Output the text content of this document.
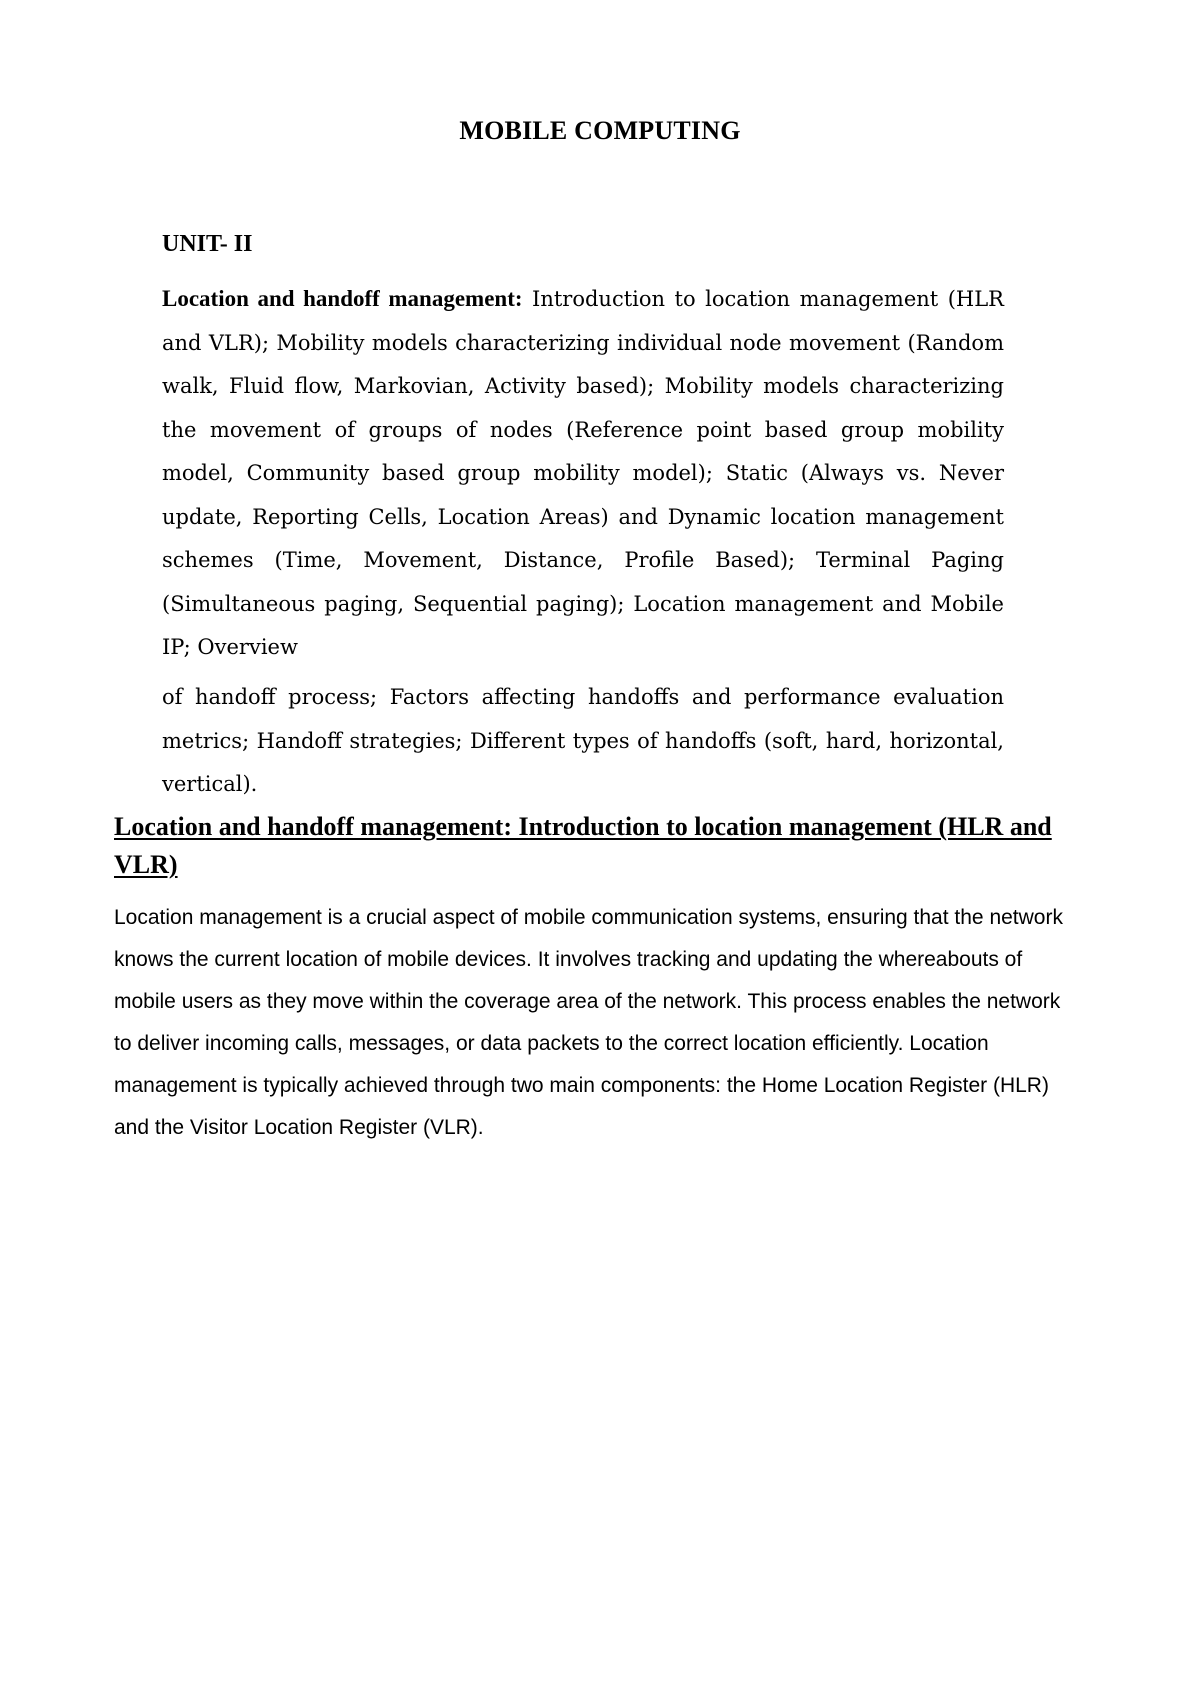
MOBILE COMPUTING
UNIT- II

Location and handoff management: Introduction to location management (HLR and VLR); Mobility models characterizing individual node movement (Random walk, Fluid flow, Markovian, Activity based); Mobility models characterizing the movement of groups of nodes (Reference point based group mobility model, Community based group mobility model); Static (Always vs. Never update, Reporting Cells, Location Areas) and Dynamic location management schemes (Time, Movement, Distance, Profile Based); Terminal Paging (Simultaneous paging, Sequential paging); Location management and Mobile IP; Overview

of handoff process; Factors affecting handoffs and performance evaluation metrics; Handoff strategies; Different types of handoffs (soft, hard, horizontal, vertical).

Location and handoff management: Introduction to location management (HLR and VLR)

Location management is a crucial aspect of mobile communication systems, ensuring that the network knows the current location of mobile devices. It involves tracking and updating the whereabouts of mobile users as they move within the coverage area of the network. This process enables the network to deliver incoming calls, messages, or data packets to the correct location efficiently. Location management is typically achieved through two main components: the Home Location Register (HLR) and the Visitor Location Register (VLR).
